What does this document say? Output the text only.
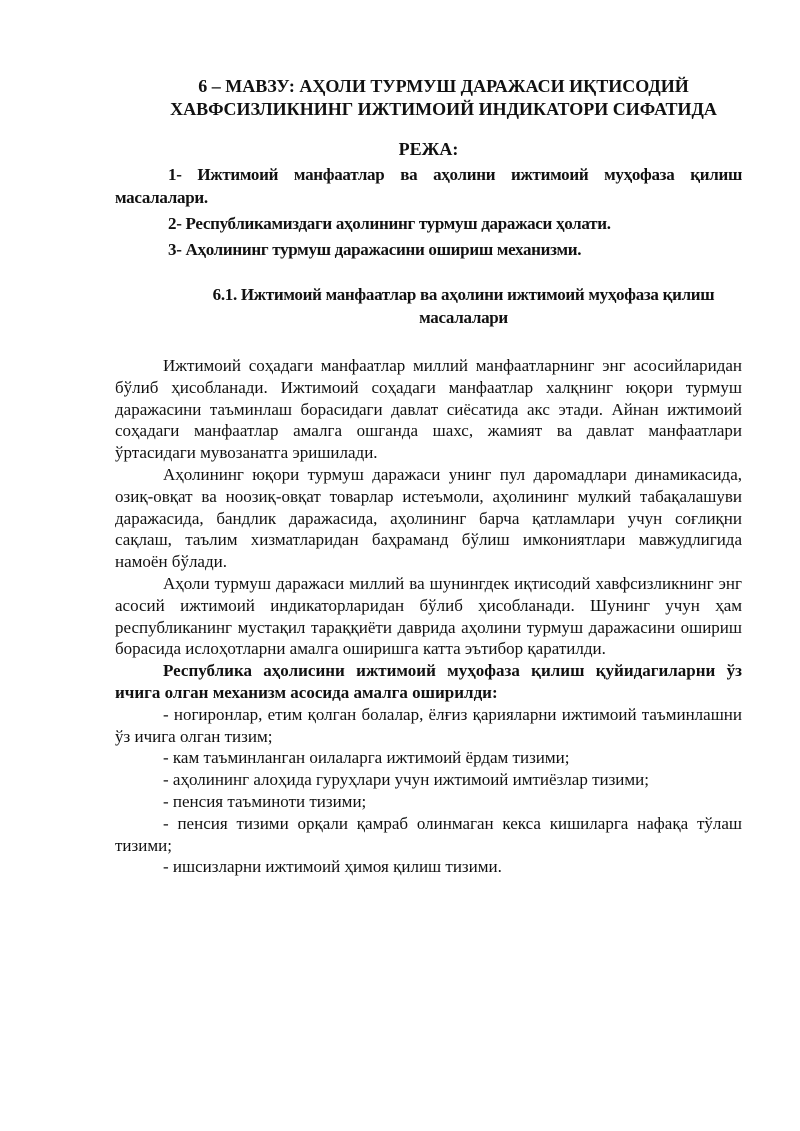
6 – МАВЗУ: АҲОЛИ ТУРМУШ ДАРАЖАСИ ИҚТИСОДИЙ
ХАВФСИЗЛИКНИНГ ИЖТИМОИЙ ИНДИКАТОРИ СИФАТИДА
РЕЖА:
1- Ижтимоий манфаатлар ва аҳолини ижтимоий муҳофаза қилиш масалалари.
2- Республикамиздаги аҳолининг турмуш даражаси ҳолати.
3- Аҳолининг турмуш даражасини ошириш механизми.
6.1. Ижтимоий манфаатлар ва аҳолини ижтимоий муҳофаза қилиш масалалари

Ижтимоий соҳадаги манфаатлар миллий манфаатларнинг энг асосийларидан бўлиб ҳисобланади. Ижтимоий соҳадаги манфаатлар халқнинг юқори турмуш даражасини таъминлаш борасидаги давлат сиёсатида акс этади. Айнан ижтимоий соҳадаги манфаатлар амалга ошганда шахс, жамият ва давлат манфаатлари ўртасидаги мувозанатга эришилади.

Аҳолининг юқори турмуш даражаси унинг пул даромадлари динамикасида, озиқ-овқат ва ноозиқ-овқат товарлар истеъмоли, аҳолининг мулкий табақалашуви даражасида, бандлик даражасида, аҳолининг барча қатламлари учун соғлиқни сақлаш, таълим хизматларидан баҳраманд бўлиш имкониятлари мавжудлигида намоён бўлади.

Аҳоли турмуш даражаси миллий ва шунингдек иқтисодий хавфсизликнинг энг асосий ижтимоий индикаторларидан бўлиб ҳисобланади. Шунинг учун ҳам республиканинг мустақил тараққиёти даврида аҳолини турмуш даражасини ошириш борасида ислоҳотларни амалга оширишга катта эътибор қаратилди.

Республика аҳолисини ижтимоий муҳофаза қилиш қуйидагиларни ўз ичига олган механизм асосида амалга оширилди:

- ногиронлар, етим қолган болалар, ёлғиз қарияларни ижтимоий таъминлашни ўз ичига олган тизим;

- кам таъминланган оилаларга ижтимоий ёрдам тизими;

- аҳолининг алоҳида гуруҳлари учун ижтимоий имтиёзлар тизими;

- пенсия таъминоти тизими;

- пенсия тизими орқали қамраб олинмаган кекса кишиларга нафақа тўлаш тизими;

- ишсизларни ижтимоий ҳимоя қилиш тизими.
